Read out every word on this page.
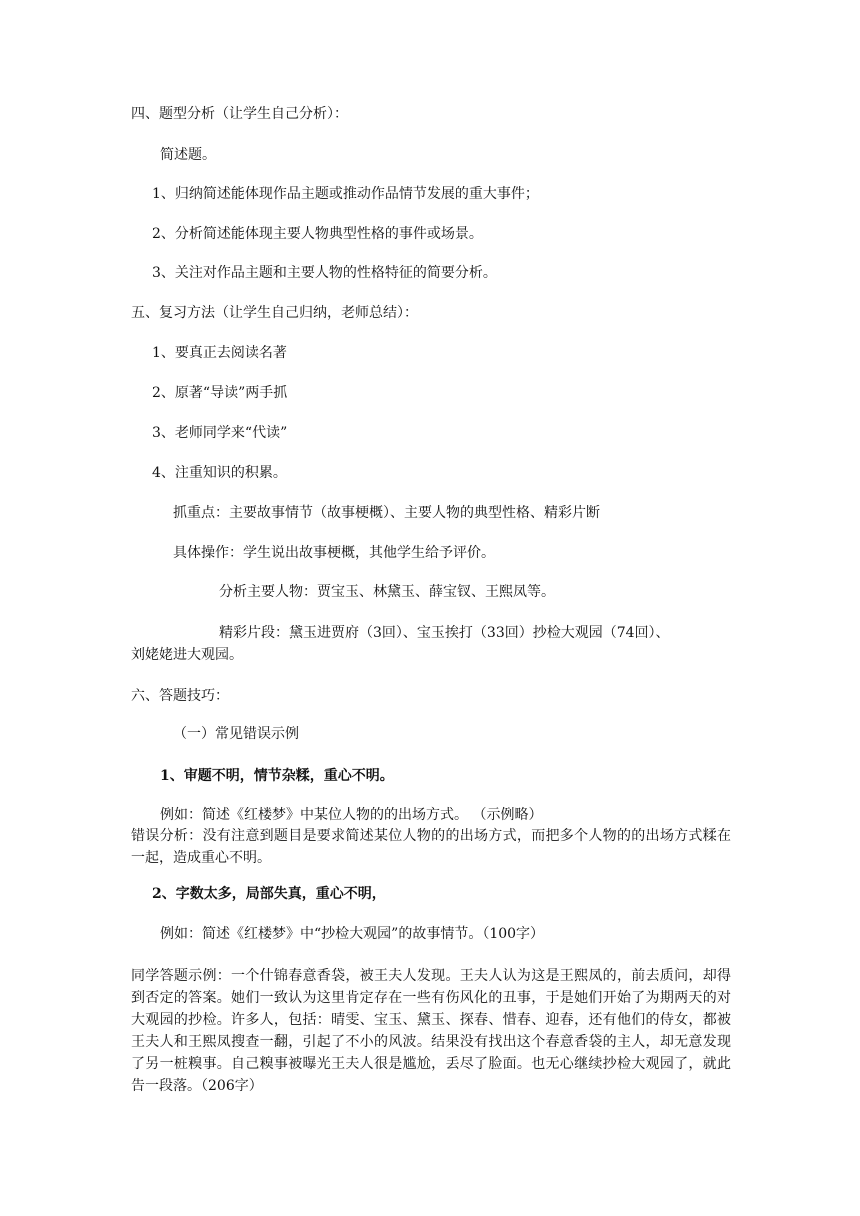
四、题型分析（让学生自己分析）：
简述题。
1、归纳简述能体现作品主题或推动作品情节发展的重大事件；
2、分析简述能体现主要人物典型性格的事件或场景。
3、关注对作品主题和主要人物的性格特征的简要分析。
五、复习方法（让学生自己归纳，老师总结）：
1、要真正去阅读名著
2、原著“导读”两手抓
3、老师同学来“代读”
4、注重知识的积累。
抓重点：主要故事情节（故事梗概）、主要人物的典型性格、精彩片断
具体操作：学生说出故事梗概，其他学生给予评价。
分析主要人物：贾宝玉、林黛玉、薛宝钗、王熙凤等。
精彩片段：黛玉进贾府（3回）、宝玉挨打（33回）抄检大观园（74回）、
刘姥姥进大观园。
六、答题技巧：
（一）常见错误示例
1、审题不明，情节杂糅，重心不明。
例如：简述《红楼梦》中某位人物的的出场方式。 （示例略）
错误分析：没有注意到题目是要求简述某位人物的的出场方式，而把多个人物的的出场方式糅在一起，造成重心不明。
2、字数太多，局部失真，重心不明，
例如：简述《红楼梦》中“抄检大观园”的故事情节。（100字）
同学答题示例：一个什锦春意香袋，被王夫人发现。王夫人认为这是王熙凤的，前去质问，却得到否定的答案。她们一致认为这里肯定存在一些有伤风化的丑事，于是她们开始了为期两天的对大观园的抄检。许多人，包括：晴雯、宝玉、黛玉、探春、惜春、迎春，还有他们的侍女，都被王夫人和王熙凤搜查一翻，引起了不小的风波。结果没有找出这个春意香袋的主人，却无意发现了另一桩糗事。自己糗事被曝光王夫人很是尴尬，丢尽了脸面。也无心继续抄检大观园了，就此告一段落。（206字）
